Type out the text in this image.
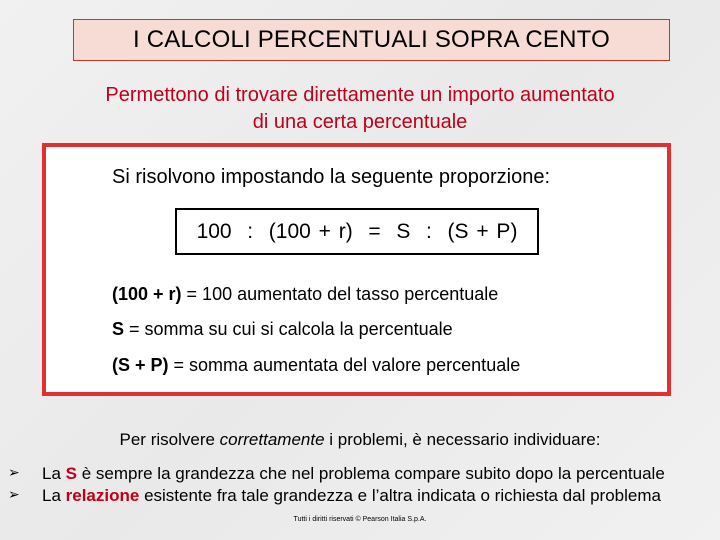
I CALCOLI PERCENTUALI SOPRA CENTO
Permettono di trovare direttamente un importo aumentato
di una certa percentuale
Si risolvono impostando la seguente proporzione:
100  :  (100 + r)  =  S  :  (S + P)
(100 + r) = 100 aumentato del tasso percentuale
S = somma su cui si calcola la percentuale
(S + P) = somma aumentata del valore percentuale
Per risolvere correttamente i problemi, è necessario individuare:
➢ La S è sempre la grandezza che nel problema compare subito dopo la percentuale
➢ La relazione esistente fra tale grandezza e l’altra indicata o richiesta dal problema
Tutti i diritti riservati © Pearson Italia S.p.A.
